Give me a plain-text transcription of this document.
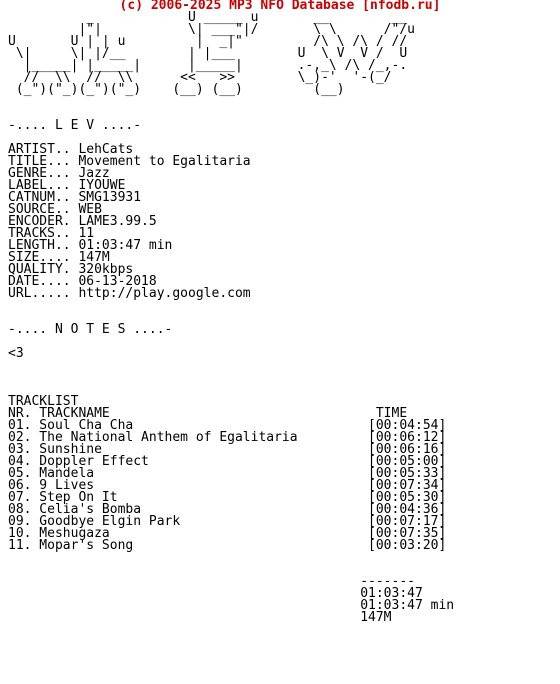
(c) 2006-2025 MP3 NFO Database [nfodb.ru]
_            U _____ u       __        __
|"|           \| ___"|/       \ \      /"/u
U       U | | u         |  _|"         /\ \ /\ / //
\|     \| |/__        | |___        U  \ V  V /  U
|_____| |_____|      |_____|       .-,_\ /\ /_,-.
//  \\  //  \\      <<   >>        \_)-'  '-(_/
(_")("_)(_")("_)    (__) (__)         (__)
-.... L E V ....-
ARTIST.. LehCats
TITLE... Movement to Egalitaria
GENRE... Jazz
LABEL... IYOUWE
CATNUM.. SMG13931
SOURCE.. WEB
ENCODER. LAME3.99.5
TRACKS.. 11
LENGTH.. 01:03:47 min
SIZE.... 147M
QUALITY. 320kbps
DATE.... 06-13-2018
URL..... http://play.google.com
-.... N O T E S ....-
<3
TRACKLIST
NR. TRACKNAME                                  TIME
01. Soul Cha Cha                              [00:04:54]
02. The National Anthem of Egalitaria         [00:06:12]
03. Sunshine                                  [00:06:16]
04. Doppler Effect                            [00:05:00]
05. Mandela                                   [00:05:33]
06. 9 Lives                                   [00:07:34]
07. Step On It                                [00:05:30]
08. Celia's Bomba                             [00:04:36]
09. Goodbye Elgin Park                        [00:07:17]
10. Meshugaza                                 [00:07:35]
11. Mopar's Song                              [00:03:20]
-------
01:03:47
01:03:47 min
147M
